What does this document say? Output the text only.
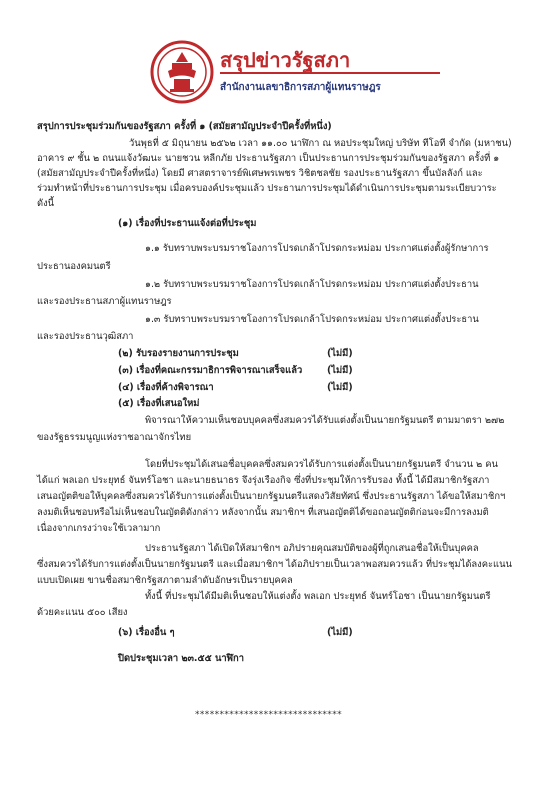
สรุปข่าวรัฐสภา
สำนักงานเลขาธิการสภาผู้แทนราษฎร
สรุปการประชุมร่วมกันของรัฐสภา ครั้งที่ ๑ (สมัยสามัญประจำปีครั้งที่หนึ่ง)
วันพุธที่ ๕ มิถุนายน ๒๕๖๒ เวลา ๑๑.๐๐ นาฬิกา ณ หอประชุมใหญ่ บริษัท ทีโอที จำกัด (มหาชน)
อาคาร ๙ ชั้น ๒ ถนนแจ้งวัฒนะ นายชวน หลีกภัย ประธานรัฐสภา เป็นประธานการประชุมร่วมกันของรัฐสภา ครั้งที่ ๑
(สมัยสามัญประจำปีครั้งที่หนึ่ง) โดยมี ศาสตราจารย์พิเศษพรเพชร วิชิตชลชัย รองประธานรัฐสภา ขึ้นบัลลังก์ และ
ร่วมทำหน้าที่ประธานการประชุม เมื่อครบองค์ประชุมแล้ว ประธานการประชุมได้ดำเนินการประชุมตามระเบียบวาระ
ดังนี้
(๑) เรื่องที่ประธานแจ้งต่อที่ประชุม
๑.๑ รับทราบพระบรมราชโองการโปรดเกล้าโปรดกระหม่อม ประกาศแต่งตั้งผู้รักษาการ
ประธานองคมนตรี
๑.๒ รับทราบพระบรมราชโองการโปรดเกล้าโปรดกระหม่อม ประกาศแต่งตั้งประธาน
และรองประธานสภาผู้แทนราษฎร
๑.๓ รับทราบพระบรมราชโองการโปรดเกล้าโปรดกระหม่อม ประกาศแต่งตั้งประธาน
และรองประธานวุฒิสภา
(๒) รับรองรายงานการประชุม	(ไม่มี)
(๓) เรื่องที่คณะกรรมาธิการพิจารณาเสร็จแล้ว	(ไม่มี)
(๔) เรื่องที่ค้างพิจารณา	(ไม่มี)
(๕) เรื่องที่เสนอใหม่
พิจารณาให้ความเห็นชอบบุคคลซึ่งสมควรได้รับแต่งตั้งเป็นนายกรัฐมนตรี ตามมาตรา ๒๗๒
ของรัฐธรรมนูญแห่งราชอาณาจักรไทย
โดยที่ประชุมได้เสนอชื่อบุคคลซึ่งสมควรได้รับการแต่งตั้งเป็นนายกรัฐมนตรี จำนวน ๒ คน
ได้แก่ พลเอก ประยุทธ์ จันทร์โอชา และนายธนาธร จึงรุ่งเรืองกิจ ซึ่งที่ประชุมให้การรับรอง ทั้งนี้ ได้มีสมาชิกรัฐสภา
เสนอญัตติขอให้บุคคลซึ่งสมควรได้รับการแต่งตั้งเป็นนายกรัฐมนตรีแสดงวิสัยทัศน์ ซึ่งประธานรัฐสภา ได้ขอให้สมาชิกฯ
ลงมติเห็นชอบหรือไม่เห็นชอบในญัตติดังกล่าว หลังจากนั้น สมาชิกฯ ที่เสนอญัตติได้ขอถอนญัตติก่อนจะมีการลงมติ
เนื่องจากเกรงว่าจะใช้เวลามาก
ประธานรัฐสภา ได้เปิดให้สมาชิกฯ อภิปรายคุณสมบัติของผู้ที่ถูกเสนอชื่อให้เป็นบุคคล
ซึ่งสมควรได้รับการแต่งตั้งเป็นนายกรัฐมนตรี และเมื่อสมาชิกฯ ได้อภิปรายเป็นเวลาพอสมควรแล้ว ที่ประชุมได้ลงคะแนน
แบบเปิดเผย ขานชื่อสมาชิกรัฐสภาตามลำดับอักษรเป็นรายบุคคล
ทั้งนี้ ที่ประชุมได้มีมติเห็นชอบให้แต่งตั้ง พลเอก ประยุทธ์ จันทร์โอชา เป็นนายกรัฐมนตรี
ด้วยคะแนน ๕๐๐ เสียง
(๖) เรื่องอื่น ๆ	(ไม่มี)
ปิดประชุมเวลา ๒๓.๕๕ นาฬิกา
******************************
